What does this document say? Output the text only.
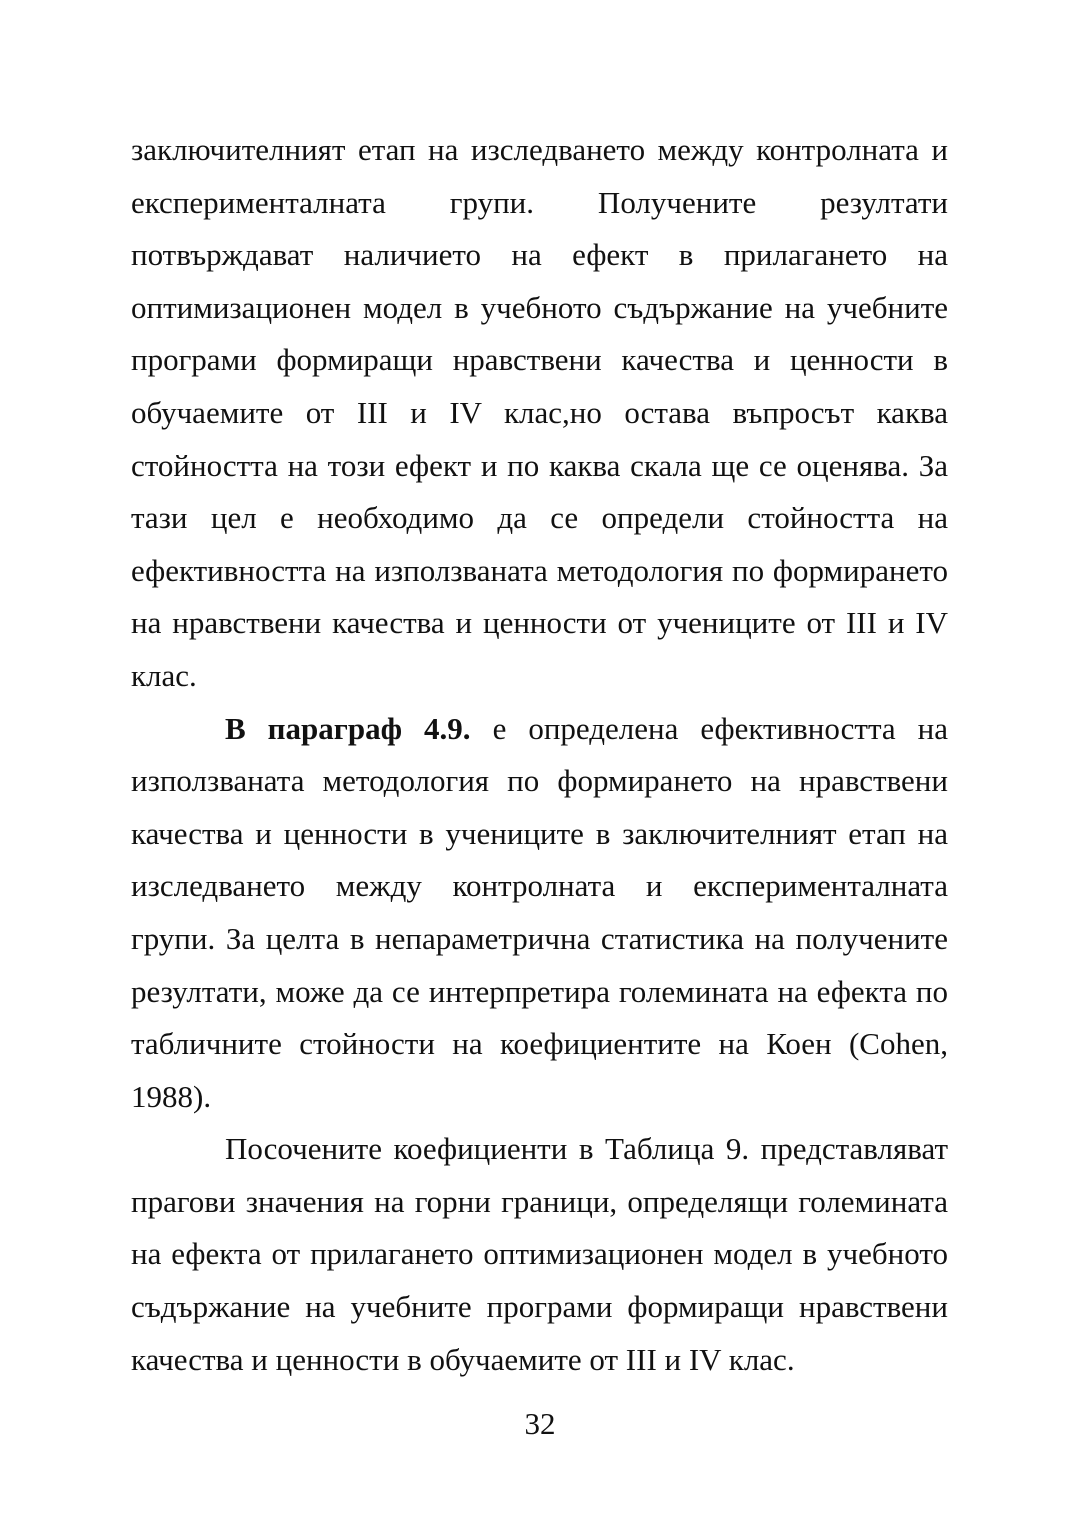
заключителният етап на изследването между контролната и експерименталната групи. Получените резултати потвърждават наличието на ефект в прилагането на оптимизационен модел в учебното съдържание на учебните програми формиращи нравствени качества и ценности в обучаемите от III и IV клас,но остава въпросът каква стойността на този ефект и по каква скала ще се оценява. За тази цел е необходимо да се определи стойността на ефективността на използваната методология по формирането на нравствени качества и ценности от учениците от III и IV клас.

В параграф 4.9. е определена ефективността на използваната методология по формирането на нравствени качества и ценности в учениците в заключителният етап на изследването между контролната и експерименталната групи. За целта в непараметрична статистика на получените резултати, може да се интерпретира големината на ефекта по табличните стойности на коефициентите на Коен (Cohen, 1988).

Посочените коефициенти в Таблица 9. представляват прагови значения на горни граници, определящи големината на ефекта от прилагането оптимизационен модел в учебното съдържание на учебните програми формиращи нравствени качества и ценности в обучаемите от III и IV клас.

32
